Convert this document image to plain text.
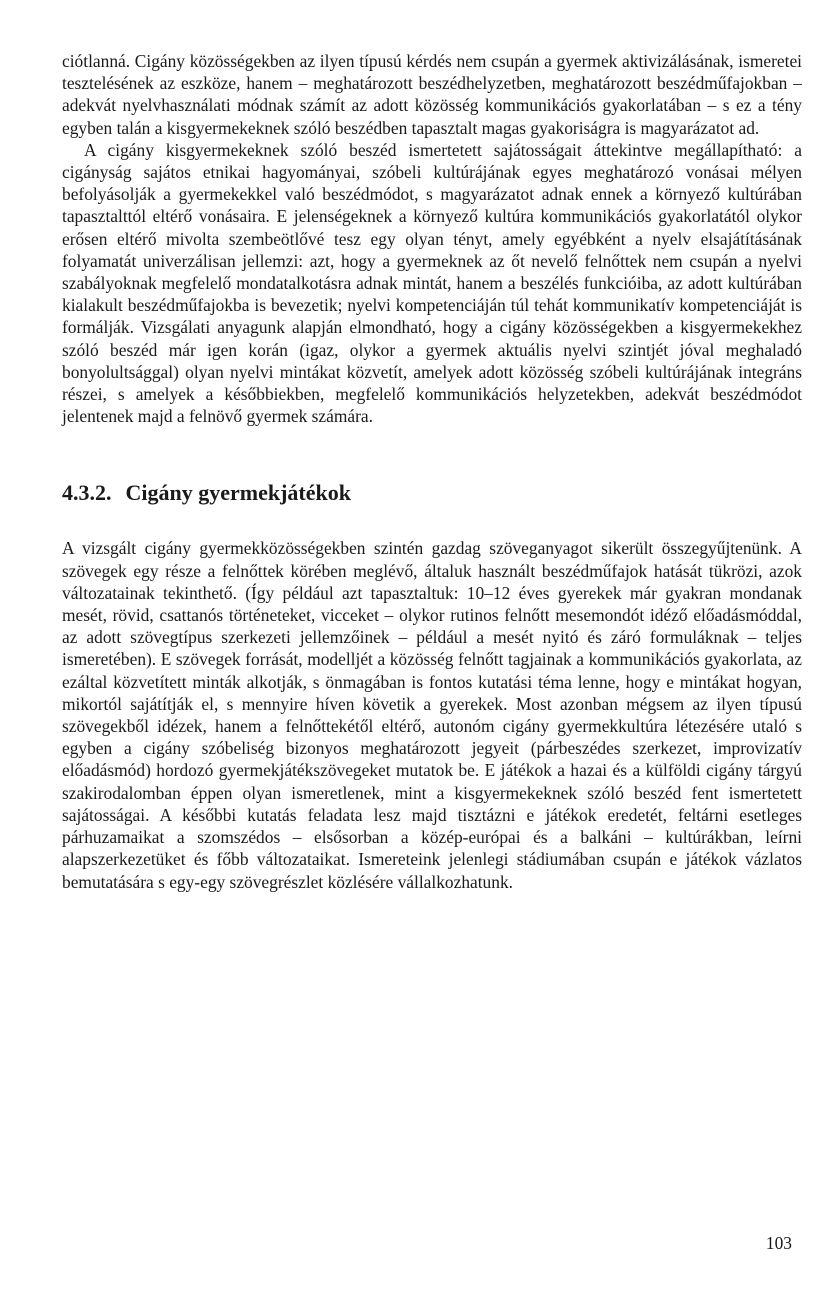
ciótlanná. Cigány közösségekben az ilyen típusú kérdés nem csupán a gyermek aktivizálásának, ismeretei tesztelésének az eszköze, hanem – meghatározott beszédhelyzetben, meghatározott beszédműfajokban – adekvát nyelvhasználati módnak számít az adott közösség kommunikációs gyakorlatában – s ez a tény egyben talán a kisgyermekeknek szóló beszédben tapasztalt magas gyakoriságra is magyarázatot ad.

A cigány kisgyermekeknek szóló beszéd ismertetett sajátosságait áttekintve megállapítható: a cigányság sajátos etnikai hagyományai, szóbeli kultúrájának egyes meghatározó vonásai mélyen befolyásolják a gyermekekkel való beszédmódot, s magyarázatot adnak ennek a környező kultúrában tapasztalttól eltérő vonásaira. E jelenségeknek a környező kultúra kommunikációs gyakorlatától olykor erősen eltérő mivolta szembeötlővé tesz egy olyan tényt, amely egyébként a nyelv elsajátításának folyamatát univerzálisan jellemzi: azt, hogy a gyermeknek az őt nevelő felnőttek nem csupán a nyelvi szabályoknak megfelelő mondatalkotásra adnak mintát, hanem a beszélés funkcióiba, az adott kultúrában kialakult beszédműfajokba is bevezetik; nyelvi kompetenciáján túl tehát kommunikatív kompetenciáját is formálják. Vizsgálati anyagunk alapján elmondható, hogy a cigány közösségekben a kisgyermekekhez szóló beszéd már igen korán (igaz, olykor a gyermek aktuális nyelvi szintjét jóval meghaladó bonyolultsággal) olyan nyelvi mintákat közvetít, amelyek adott közösség szóbeli kultúrájának integráns részei, s amelyek a későbbiekben, megfelelő kommunikációs helyzetekben, adekvát beszédmódot jelentenek majd a felnövő gyermek számára.

4.3.2. Cigány gyermekjátékok

A vizsgált cigány gyermekközösségekben szintén gazdag szöveganyagot sikerült összegyűjtenünk. A szövegek egy része a felnőttek körében meglévő, általuk használt beszédműfajok hatását tükrözi, azok változatainak tekinthető. (Így például azt tapasztaltuk: 10–12 éves gyerekek már gyakran mondanak mesét, rövid, csattanós történeteket, vicceket – olykor rutinos felnőtt mesemondót idéző előadásmóddal, az adott szövegtípus szerkezeti jellemzőinek – például a mesét nyitó és záró formuláknak – teljes ismeretében). E szövegek forrását, modelljét a közösség felnőtt tagjainak a kommunikációs gyakorlata, az ezáltal közvetített minták alkotják, s önmagában is fontos kutatási téma lenne, hogy e mintákat hogyan, mikortól sajátítják el, s mennyire híven követik a gyerekek. Most azonban mégsem az ilyen típusú szövegekből idézek, hanem a felnőttekétől eltérő, autonóm cigány gyermekkultúra létezésére utaló s egyben a cigány szóbeliség bizonyos meghatározott jegyeit (párbeszédes szerkezet, improvizatív előadásmód) hordozó gyermekjátékszövegeket mutatok be. E játékok a hazai és a külföldi cigány tárgyú szakirodalomban éppen olyan ismeretlenek, mint a kisgyermekeknek szóló beszéd fent ismertetett sajátosságai. A későbbi kutatás feladata lesz majd tisztázni e játékok eredetét, feltárni esetleges párhuzamaikat a szomszédos – elsősorban a közép-európai és a balkáni – kultúrákban, leírni alapszerkezetüket és főbb változataikat. Ismereteink jelenlegi stádiumában csupán e játékok vázlatos bemutatására s egy-egy szövegrészlet közlésére vállalkozhatunk.

103
